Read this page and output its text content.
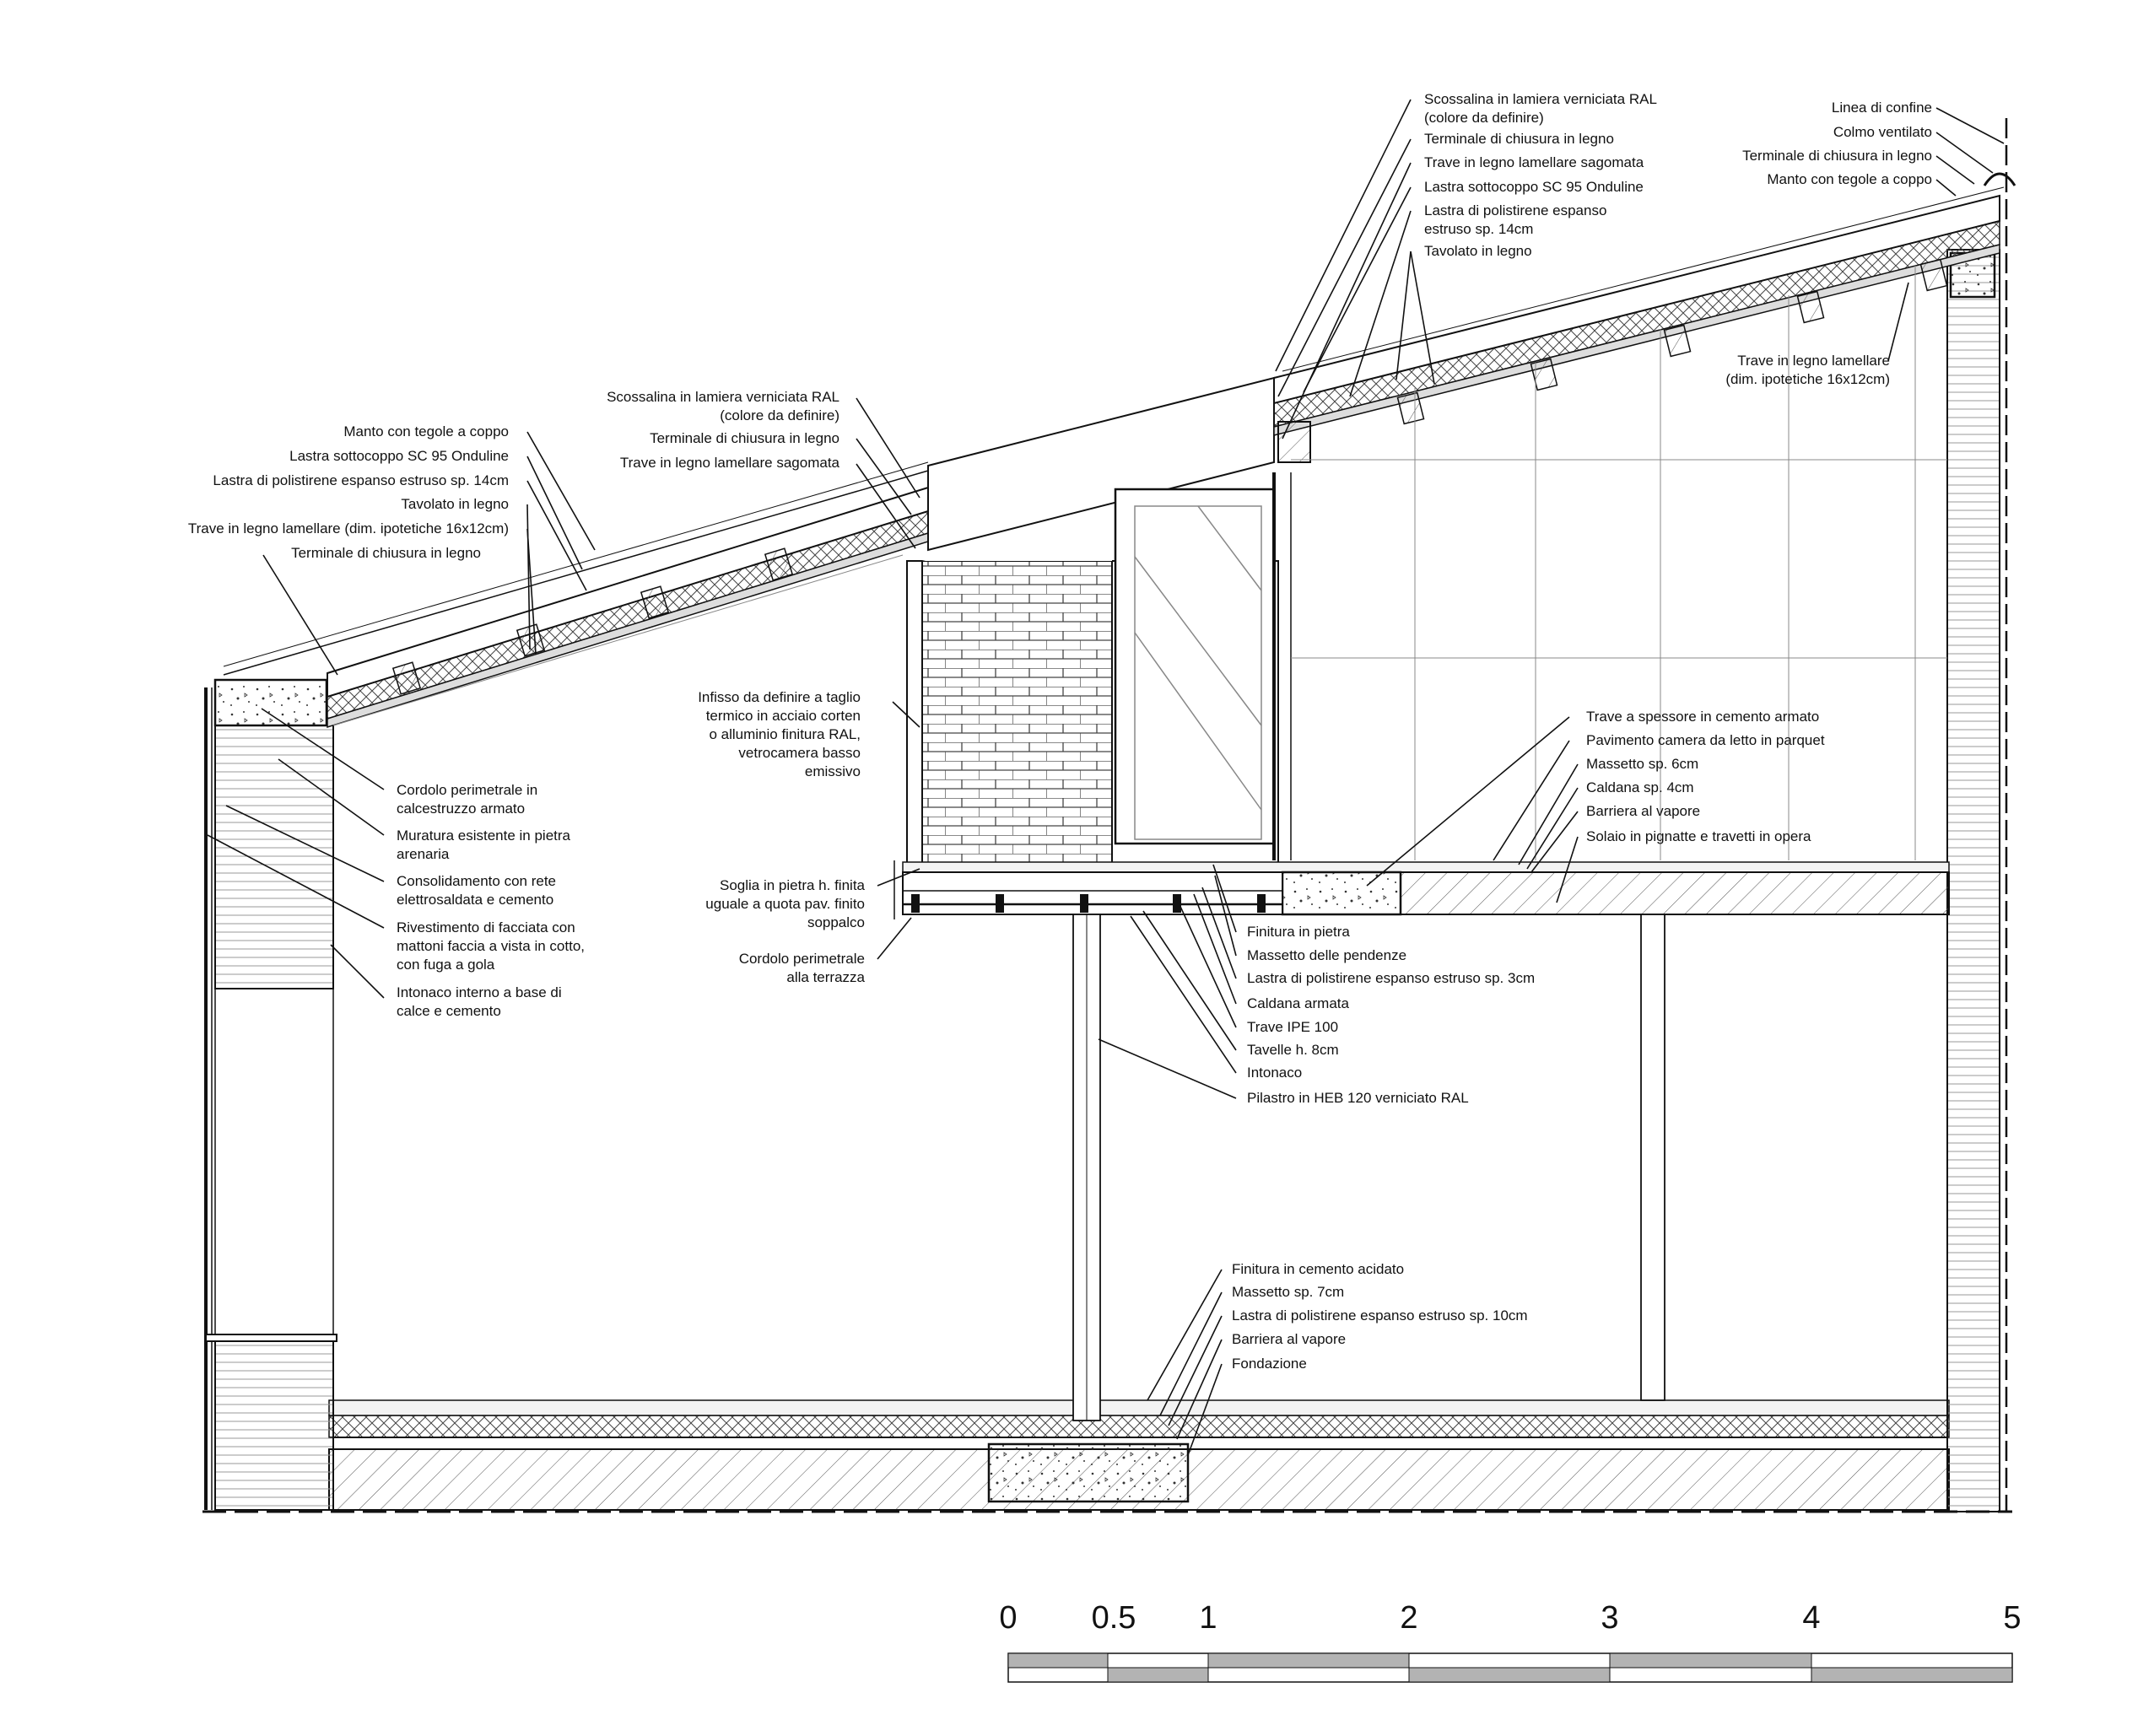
Manto con tegole a coppo
Lastra sottocoppo SC 95 Onduline
Lastra di polistirene espanso estruso sp. 14cm
Tavolato in legno
Trave in legno lamellare (dim. ipotetiche 16x12cm)
Terminale di chiusura in legno
Scossalina in lamiera verniciata RAL
(colore da definire)
Terminale di chiusura in legno
Trave in legno lamellare sagomata
Scossalina in lamiera verniciata RAL
(colore da definire)
Terminale di chiusura in legno
Trave in legno lamellare sagomata
Lastra sottocoppo SC 95 Onduline
Lastra di polistirene espanso
estruso sp. 14cm
Tavolato in legno
Linea di confine
Colmo ventilato
Terminale di chiusura in legno
Manto con tegole a coppo
Trave in legno lamellare
(dim. ipotetiche 16x12cm)
Cordolo perimetrale in
calcestruzzo armato
Muratura esistente in pietra
arenaria
Consolidamento con rete
elettrosaldata e cemento
Rivestimento di facciata con
mattoni faccia a vista in cotto,
con fuga a gola
Intonaco interno a base di
calce e cemento
Infisso da definire a taglio
termico in acciaio corten
o alluminio finitura RAL,
vetrocamera basso
emissivo
Soglia in pietra h. finita
uguale a quota pav. finito
soppalco
Cordolo perimetrale
alla terrazza
Trave a spessore in cemento armato
Pavimento camera da letto in parquet
Massetto sp. 6cm
Caldana sp. 4cm
Barriera al vapore
Solaio in pignatte e travetti in opera
Finitura in pietra
Massetto delle pendenze
Lastra di polistirene espanso estruso sp. 3cm
Caldana armata
Trave IPE 100
Tavelle h. 8cm
Intonaco
Pilastro in HEB 120 verniciato RAL
Finitura in cemento acidato
Massetto sp. 7cm
Lastra di polistirene espanso estruso sp. 10cm
Barriera al vapore
Fondazione
0 0.5 1	2	3	4	5
